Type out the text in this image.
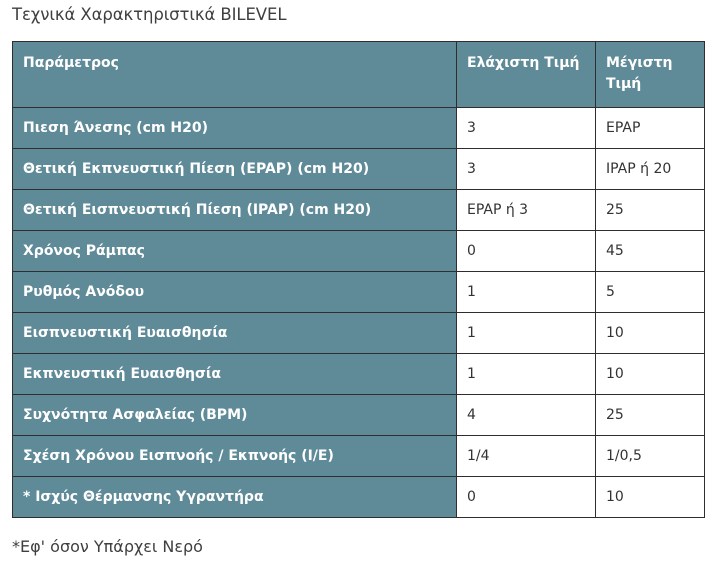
Τεχνικά Χαρακτηριστικά BILEVEL
Παράμετρος	Ελάχιστη Τιμή	Μέγιστη Τιμή
Πιεση Άνεσης (cm H20)	3	EPAP
Θετική Εκπνευστική Πίεση (EPAP) (cm H20)	3	IPAP ή 20
Θετική Εισπνευστική Πίεση (IPAP) (cm H20)	EPAP ή 3	25
Χρόνος Ράμπας	0	45
Ρυθμός Ανόδου	1	5
Εισπνευστική Ευαισθησία	1	10
Εκπνευστική Ευαισθησία	1	10
Συχνότητα Ασφαλείας (BPM)	4	25
Σχέση Χρόνου Εισπνοής / Εκπνοής (I/E)	1/4	1/0,5
* Ισχύς Θέρμανσης Υγραντήρα	0	10
*Εφ' όσον Υπάρχει Νερό
